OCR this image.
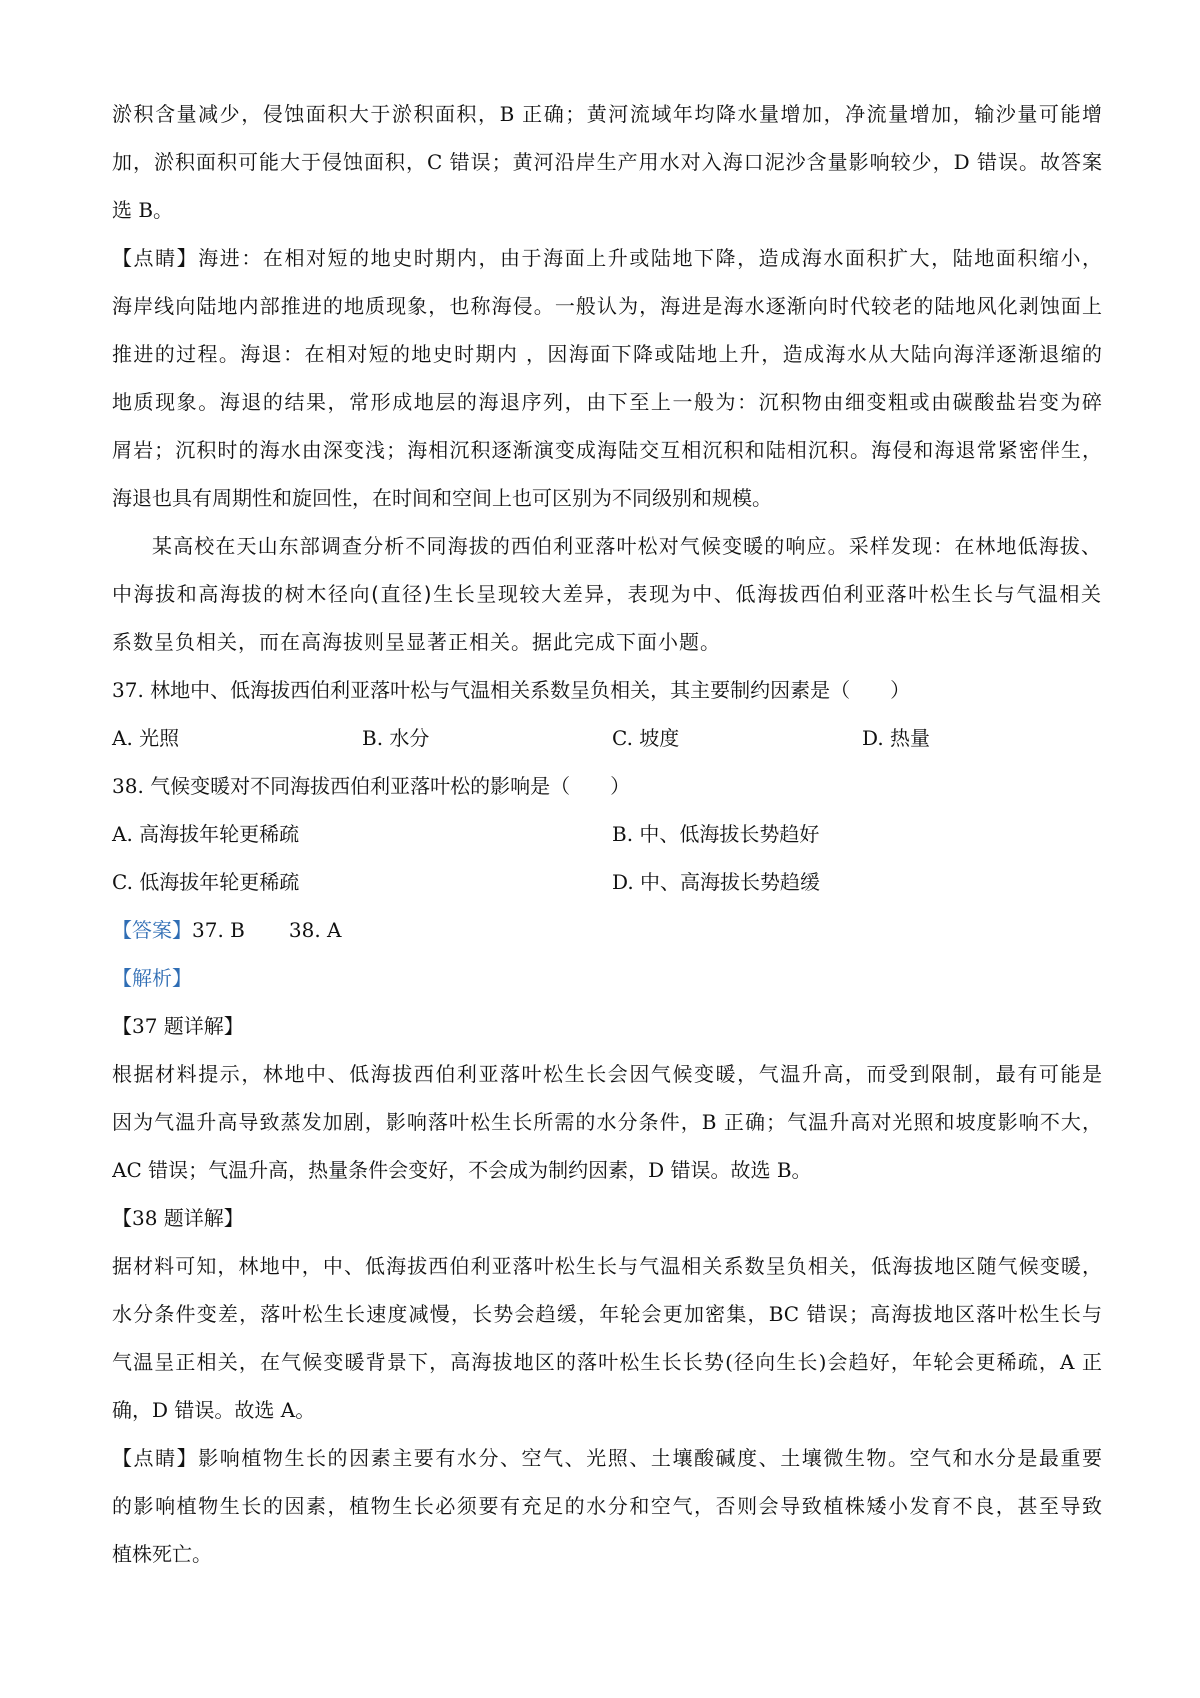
淤积含量减少，侵蚀面积大于淤积面积，B 正确；黄河流域年均降水量增加，净流量增加，输沙量可能增
加，淤积面积可能大于侵蚀面积，C 错误；黄河沿岸生产用水对入海口泥沙含量影响较少，D 错误。故答案
选 B。
【点睛】海进：在相对短的地史时期内，由于海面上升或陆地下降，造成海水面积扩大，陆地面积缩小，
海岸线向陆地内部推进的地质现象，也称海侵。一般认为，海进是海水逐渐向时代较老的陆地风化剥蚀面上
推进的过程。海退：在相对短的地史时期内 ，因海面下降或陆地上升，造成海水从大陆向海洋逐渐退缩的
地质现象。海退的结果，常形成地层的海退序列，由下至上一般为：沉积物由细变粗或由碳酸盐岩变为碎
屑岩；沉积时的海水由深变浅；海相沉积逐渐演变成海陆交互相沉积和陆相沉积。海侵和海退常紧密伴生，
海退也具有周期性和旋回性，在时间和空间上也可区别为不同级别和规模。
某高校在天山东部调查分析不同海拔的西伯利亚落叶松对气候变暖的响应。采样发现：在林地低海拔、
中海拔和高海拔的树木径向(直径)生长呈现较大差异，表现为中、低海拔西伯利亚落叶松生长与气温相关
系数呈负相关，而在高海拔则呈显著正相关。据此完成下面小题。
37. 林地中、低海拔西伯利亚落叶松与气温相关系数呈负相关，其主要制约因素是（　　）
A. 光照	B. 水分	C. 坡度	D. 热量
38. 气候变暖对不同海拔西伯利亚落叶松的影响是（　　）
A. 高海拔年轮更稀疏	B. 中、低海拔长势趋好
C. 低海拔年轮更稀疏	D. 中、高海拔长势趋缓
【答案】37. B 38. A
【解析】
【37 题详解】
根据材料提示，林地中、低海拔西伯利亚落叶松生长会因气候变暖，气温升高，而受到限制，最有可能是
因为气温升高导致蒸发加剧，影响落叶松生长所需的水分条件，B 正确；气温升高对光照和坡度影响不大，
AC 错误；气温升高，热量条件会变好，不会成为制约因素，D 错误。故选 B。
【38 题详解】
据材料可知，林地中，中、低海拔西伯利亚落叶松生长与气温相关系数呈负相关，低海拔地区随气候变暖，
水分条件变差，落叶松生长速度减慢，长势会趋缓，年轮会更加密集，BC 错误；高海拔地区落叶松生长与
气温呈正相关，在气候变暖背景下，高海拔地区的落叶松生长长势(径向生长)会趋好，年轮会更稀疏，A 正
确，D 错误。故选 A。
【点睛】影响植物生长的因素主要有水分、空气、光照、土壤酸碱度、土壤微生物。空气和水分是最重要
的影响植物生长的因素，植物生长必须要有充足的水分和空气，否则会导致植株矮小发育不良，甚至导致
植株死亡。
